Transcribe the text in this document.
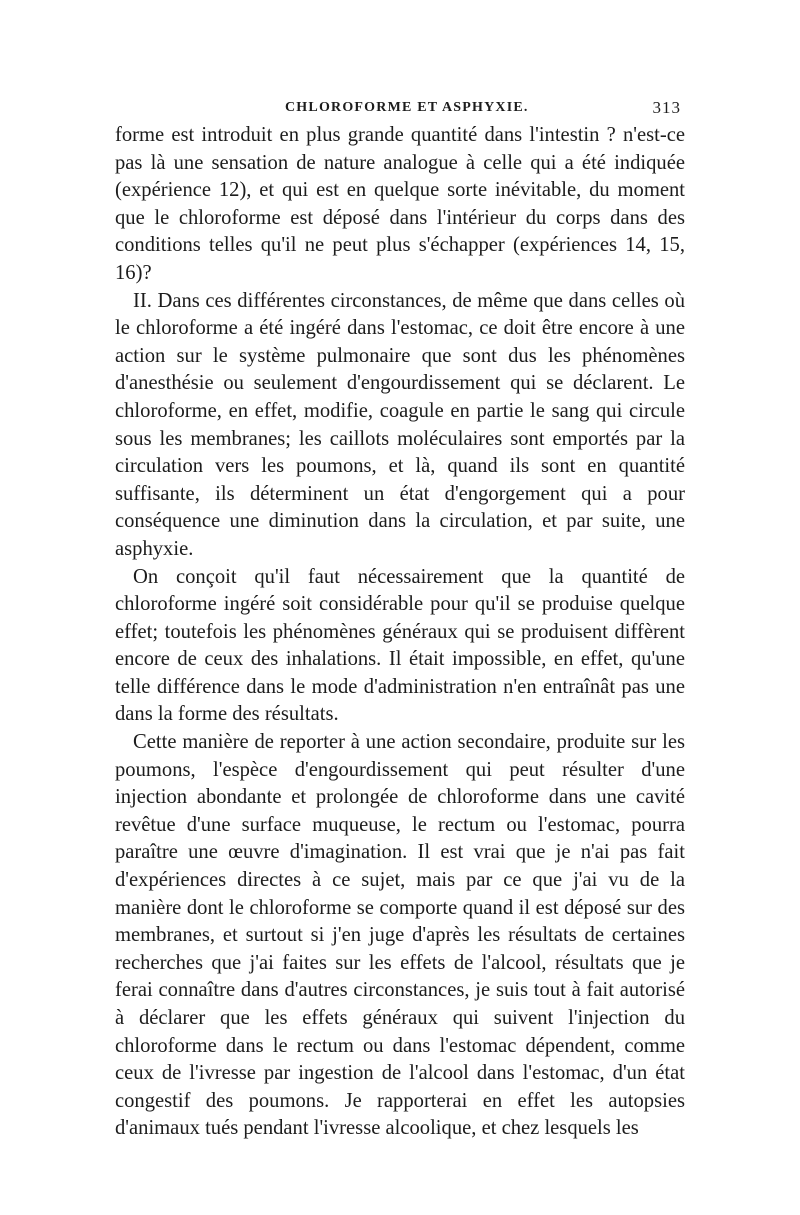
CHLOROFORME ET ASPHYXIE.	313

forme est introduit en plus grande quantité dans l'intestin ? n'est-ce pas là une sensation de nature analogue à celle qui a été indiquée (expérience 12), et qui est en quelque sorte inévitable, du moment que le chloroforme est déposé dans l'intérieur du corps dans des conditions telles qu'il ne peut plus s'échapper (expériences 14, 15, 16)?

II. Dans ces différentes circonstances, de même que dans celles où le chloroforme a été ingéré dans l'estomac, ce doit être encore à une action sur le système pulmonaire que sont dus les phénomènes d'anesthésie ou seulement d'engourdissement qui se déclarent. Le chloroforme, en effet, modifie, coagule en partie le sang qui circule sous les membranes; les caillots moléculaires sont emportés par la circulation vers les poumons, et là, quand ils sont en quantité suffisante, ils déterminent un état d'engorgement qui a pour conséquence une diminution dans la circulation, et par suite, une asphyxie.

On conçoit qu'il faut nécessairement que la quantité de chloroforme ingéré soit considérable pour qu'il se produise quelque effet; toutefois les phénomènes généraux qui se produisent diffèrent encore de ceux des inhalations. Il était impossible, en effet, qu'une telle différence dans le mode d'administration n'en entraînât pas une dans la forme des résultats.

Cette manière de reporter à une action secondaire, produite sur les poumons, l'espèce d'engourdissement qui peut résulter d'une injection abondante et prolongée de chloroforme dans une cavité revêtue d'une surface muqueuse, le rectum ou l'estomac, pourra paraître une œuvre d'imagination. Il est vrai que je n'ai pas fait d'expériences directes à ce sujet, mais par ce que j'ai vu de la manière dont le chloroforme se comporte quand il est déposé sur des membranes, et surtout si j'en juge d'après les résultats de certaines recherches que j'ai faites sur les effets de l'alcool, résultats que je ferai connaître dans d'autres circonstances, je suis tout à fait autorisé à déclarer que les effets généraux qui suivent l'injection du chloroforme dans le rectum ou dans l'estomac dépendent, comme ceux de l'ivresse par ingestion de l'alcool dans l'estomac, d'un état congestif des poumons. Je rapporterai en effet les autopsies d'animaux tués pendant l'ivresse alcoolique, et chez lesquels les
